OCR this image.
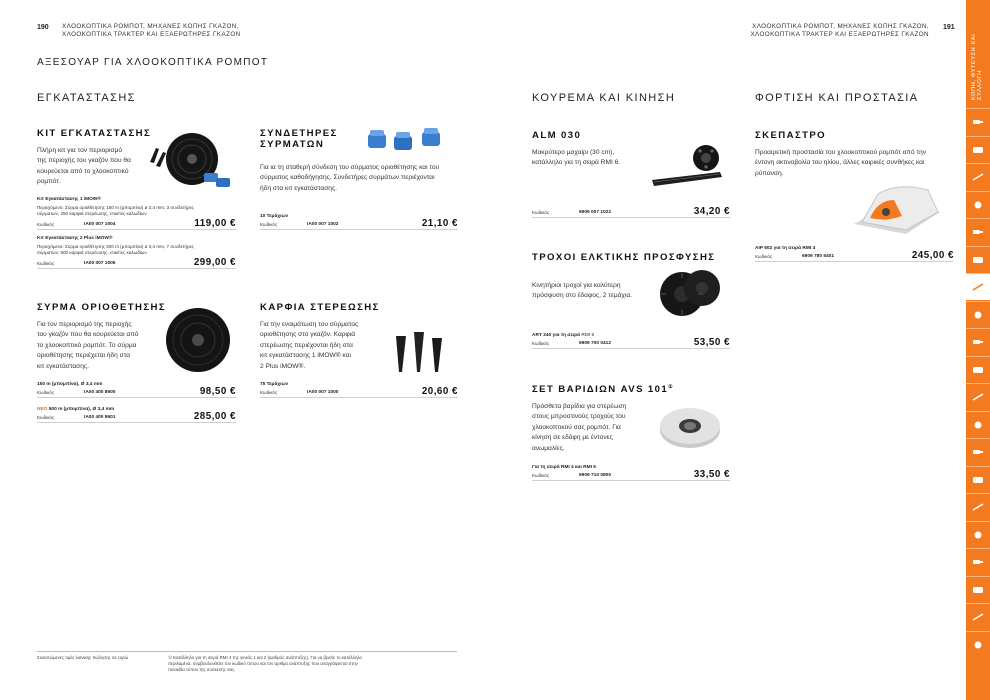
190 ΧΛΟΟΚΟΠΤΙΚΑ ΡΟΜΠΟΤ, ΜΗΧΑΝΕΣ ΚΟΠΗΣ ΓΚΑΖΟΝ,
ΧΛΟΟΚΟΠΤΙΚΑ ΤΡΑΚΤΕΡ ΚΑΙ ΕΞΑΕΡΩΤΗΡΕΣ ΓΚΑΖΟΝ
ΑΞΕΣΟΥΑΡ ΓΙΑ ΧΛΟΟΚΟΠΤΙΚΑ ΡΟΜΠΟΤ
ΕΓΚΑΤΑΣΤΑΣΗΣ
ΚΙΤ ΕΓΚΑΤΑΣΤΑΣΗΣ
Πλήρη κιτ για τον περιορισμό
της περιοχής του γκαζόν που θα
κουρεύεται από το χλοοκοπτικό
ρομπότ.
Κιτ Εγκατάστασης 1 iMOW®
Περιεχόμενο: Σύρμα οριοθέτησης 150 m (μπομπίνα) ø 3,4 mm, 3 συνδετήρες
σύρματων, 250 καρφιά στερέωσης, ετικέτες καλωδίων
Κωδικός	IA00 007 1004	119,00 €
Κιτ Εγκατάστασης 2 Plus iMOW®
Περιεχόμενο: Σύρμα οριοθέτησης 400 m (μπομπίνα) ø 3,4 mm, 7 συνδετήρες
σύρματων, 500 καρφιά στερέωσης, ετικέτες καλωδίων
Κωδικός	IA00 007 1005	299,00 €
ΣΥΝΔΕΤΗΡΕΣ
ΣΥΡΜΑΤΩΝ
Για ια τη σταθερή σύνδεση του σύρματος οριοθέτησης και του
σύρματος καθοδήγησης. Συνδετήρες συρμάτων περιέχονται
ήδη στα κιτ εγκατάστασης.
10 Τεμάχιων
Κωδικός	IA00 007 1002	21,10 €
ΣΥΡΜΑ ΟΡΙΟΘΕΤΗΣΗΣ
Για τον περιορισμό της περιοχής
του γκαζόν που θα κουρεύεται από
το χλοοκοπτικό ρομπότ. Το σύρμα
οριοθέτησης περιέχεται ήδη στα
κιτ εγκατάστασης.
150 m (μπομπίνα), Ø 3,4 mm
Κωδικός	IA00 400 8600	98,50 €
NEO 500 m (μπομπίνα), Ø 3,4 mm
Κωδικός	IA00 400 8601	285,00 €
ΚΑΡΦΙΑ ΣΤΕΡΕΩΣΗΣ
Για την εναιμάτωση του σύρματος
οριοθέτησης στο γκαζόν. Καρφιά
στερέωσης περιέχονται ήδη στα
κιτ εγκατάστασης 1 iMOW® και
2 Plus iMOW®.
75 Τεμάχιων
Κωδικός	IA00 007 1000	20,60 €
Συνιστώμενες τιμές λιανικής πώλησης σε ευρώ	① Κατάλληλο για τη σειρά RMI 4 της γενιάς 1 και 2 (αριθμός ανάπτυξης). Για να βρείτε το κατάλληλο
περιλαμένα, συμβουλευθείτε τον κωδικό τύπου και τον αριθμό ανάπτυξης που αναγράφονται στην
πινακίδα τύπου της συσκευής σας.
ΧΛΟΟΚΟΠΤΙΚΑ ΡΟΜΠΟΤ, ΜΗΧΑΝΕΣ ΚΟΠΗΣ ΓΚΑΖΟΝ,
ΧΛΟΟΚΟΠΤΙΚΑ ΤΡΑΚΤΕΡ ΚΑΙ ΕΞΑΕΡΩΤΗΡΕΣ ΓΚΑΖΟΝ
191
ΚΟΥΡΕΜΑ ΚΑΙ ΚΙΝΗΣΗ	ΦΟΡΤΙΣΗ ΚΑΙ ΠΡΟΣΤΑΣΙΑ
ALM 030
Μακρύτερο μαχαίρι (30 cm),
κατάλληλο για τη σειρά RMI 6.
Κωδικός	6909 007 1022	34,20 €
ΤΡΟΧΟΙ ΕΛΚΤΙΚΗΣ ΠΡΟΣΦΥΣΗΣ
Κινητήριοι τροχοί για καλύτερη
πρόσφυση στο έδαφος, 2 τεμάχια.
ART 240 για τη σειρά RMI 6
Κωδικός	6909 700 0412	53,50 €
ΣΕΤ ΒΑΡΙΔΙΩΝ AVS 101①
Πρόσθετα βαρίδια για στερέωση
στους μπροστινούς τροχούς του
χλοοκοπτικού σας ρομπότ. Για
κίνηση σε εδάφη με έντονες
ανωμαλίες.
Για τη σειρά RMI 4 και RMI 5
Κωδικός	6909 710 0800	33,50 €
ΣΚΕΠΑΣΤΡΟ
Προαιρετική προστασία του χλοοκοπτικού ρομπότ από την
έντονη ακτινοβολία του ηλίου, άλλες καιρικές συνθήκες και
ρύπανση.
AIP 602 για τη σειρά RMI 4
Κωδικός	6909 780 5401	245,00 €
ΚΟΠΗ, ΦΥΤΕΥΣΗ ΚΑΙ ΣΥΛΛΟΓΗ
